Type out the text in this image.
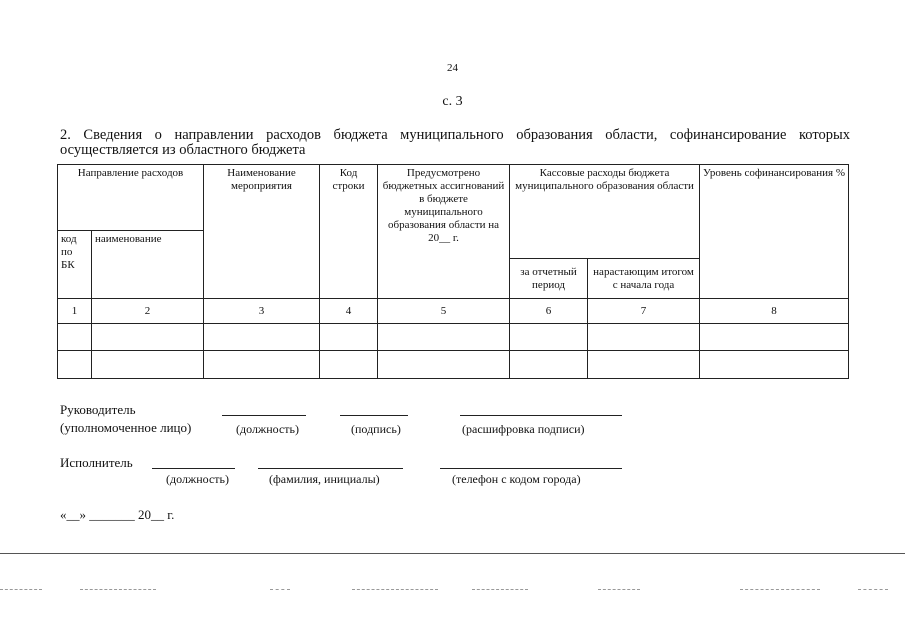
24
с. 3
2. Сведения о направлении расходов бюджета муниципального образования области, софинансирование которых осуществляется из областного бюджета
Направление расходов		Наименование мероприятия	Код строки	Предусмотрено бюджетных ассигнований в бюджете муниципального образования области на 20__ г.	Кассовые расходы бюджета муниципального образования области		Уровень софинансирования %
код по БК	наименование						
					за отчетный период	нарастающим итогом с начала года	
1	2	3	4	5	6	7	8

Руководитель
(уполномоченное лицо)	(должность)	(подпись)	(расшифровка подписи)
Исполнитель
(должность)	(фамилия, инициалы)	(телефон с кодом города)
«__» _______ 20__ г.
